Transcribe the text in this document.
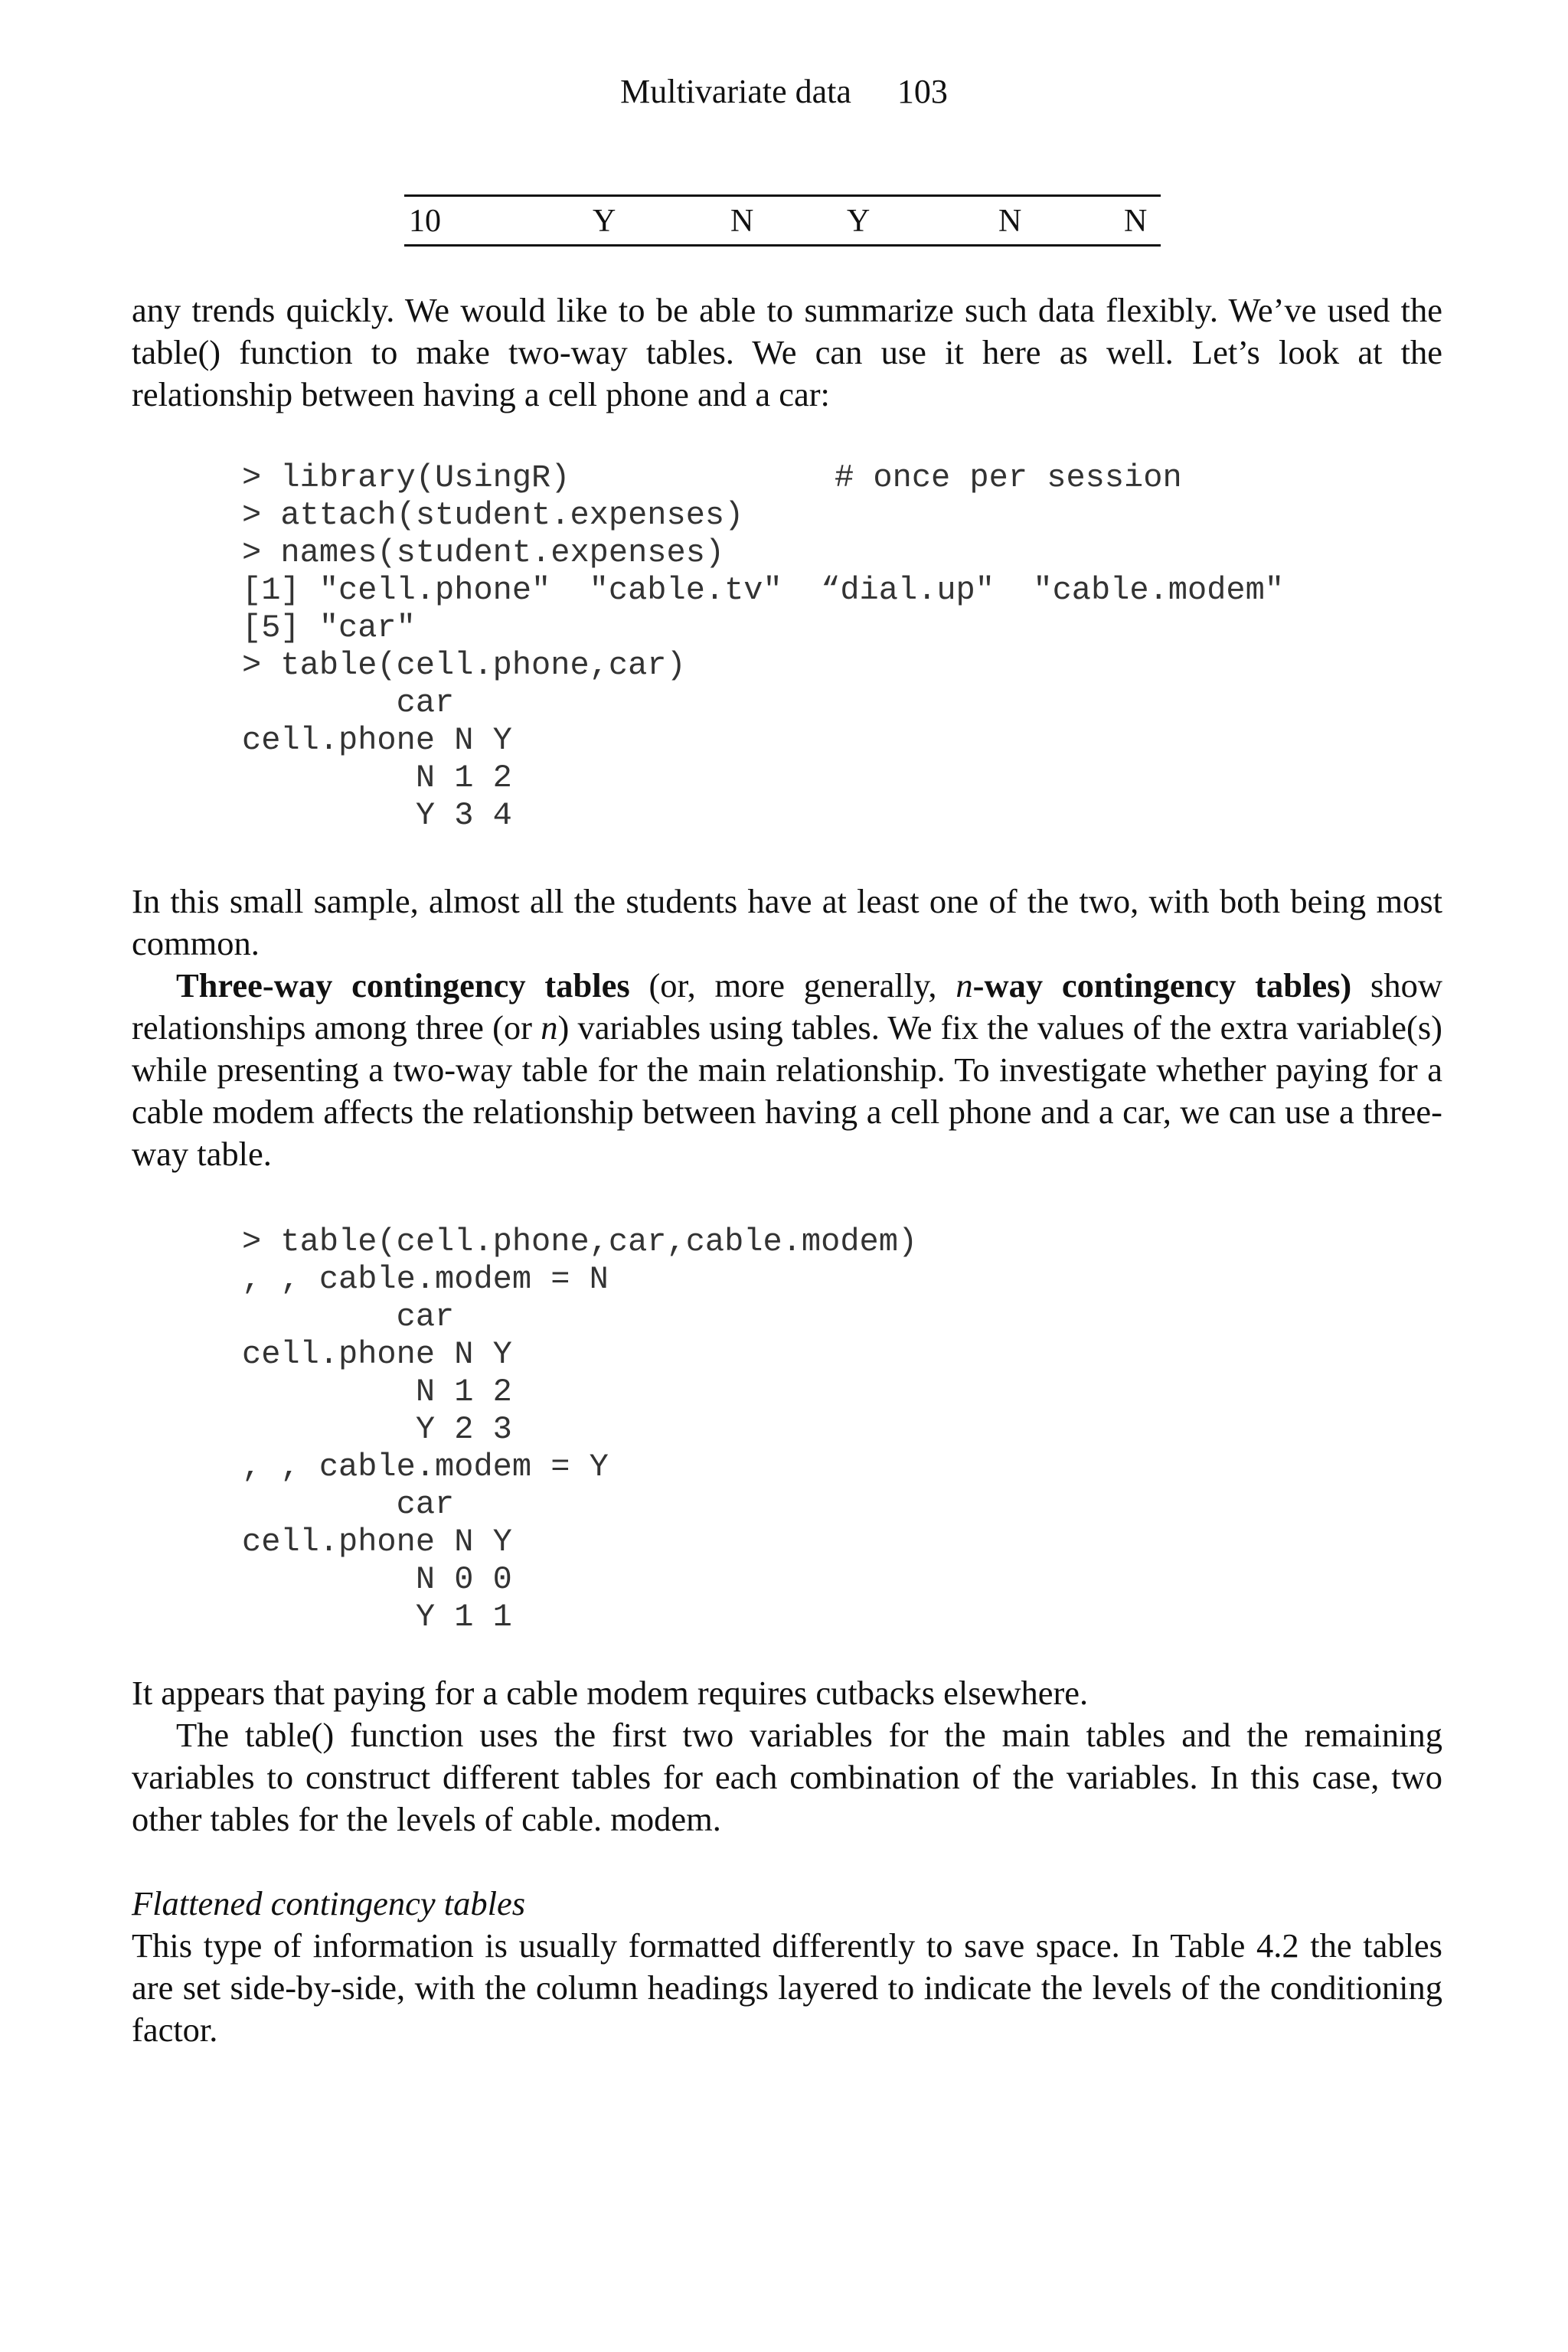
Multivariate data 103
10	Y	N	Y	N	N

any trends quickly. We would like to be able to summarize such data flexibly. We’ve used the table() function to make two-way tables. We can use it here as well. Let’s look at the relationship between having a cell phone and a car:

> library(UsingR)	# once per session
> attach(student.expenses)
> names(student.expenses)
[1] "cell.phone"  "cable.tv"  “dial.up"  "cable.modem"
[5] "car"
> table(cell.phone,car)
car
cell.phone N Y
N 1 2
Y 3 4

In this small sample, almost all the students have at least one of the two, with both being most common.

Three-way contingency tables (or, more generally, n-way contingency tables) show relationships among three (or n) variables using tables. We fix the values of the extra variable(s) while presenting a two-way table for the main relationship. To investigate whether paying for a cable modem affects the relationship between having a cell phone and a car, we can use a three-way table.

> table(cell.phone,car,cable.modem)
, , cable.modem = N
car
cell.phone N Y
N 1 2
Y 2 3
, , cable.modem = Y
car
cell.phone N Y
N 0 0
Y 1 1

It appears that paying for a cable modem requires cutbacks elsewhere.

The table() function uses the first two variables for the main tables and the remaining variables to construct different tables for each combination of the variables. In this case, two other tables for the levels of cable. modem.

Flattened contingency tables

This type of information is usually formatted differently to save space. In Table 4.2 the tables are set side-by-side, with the column headings layered to indicate the levels of the conditioning factor.
